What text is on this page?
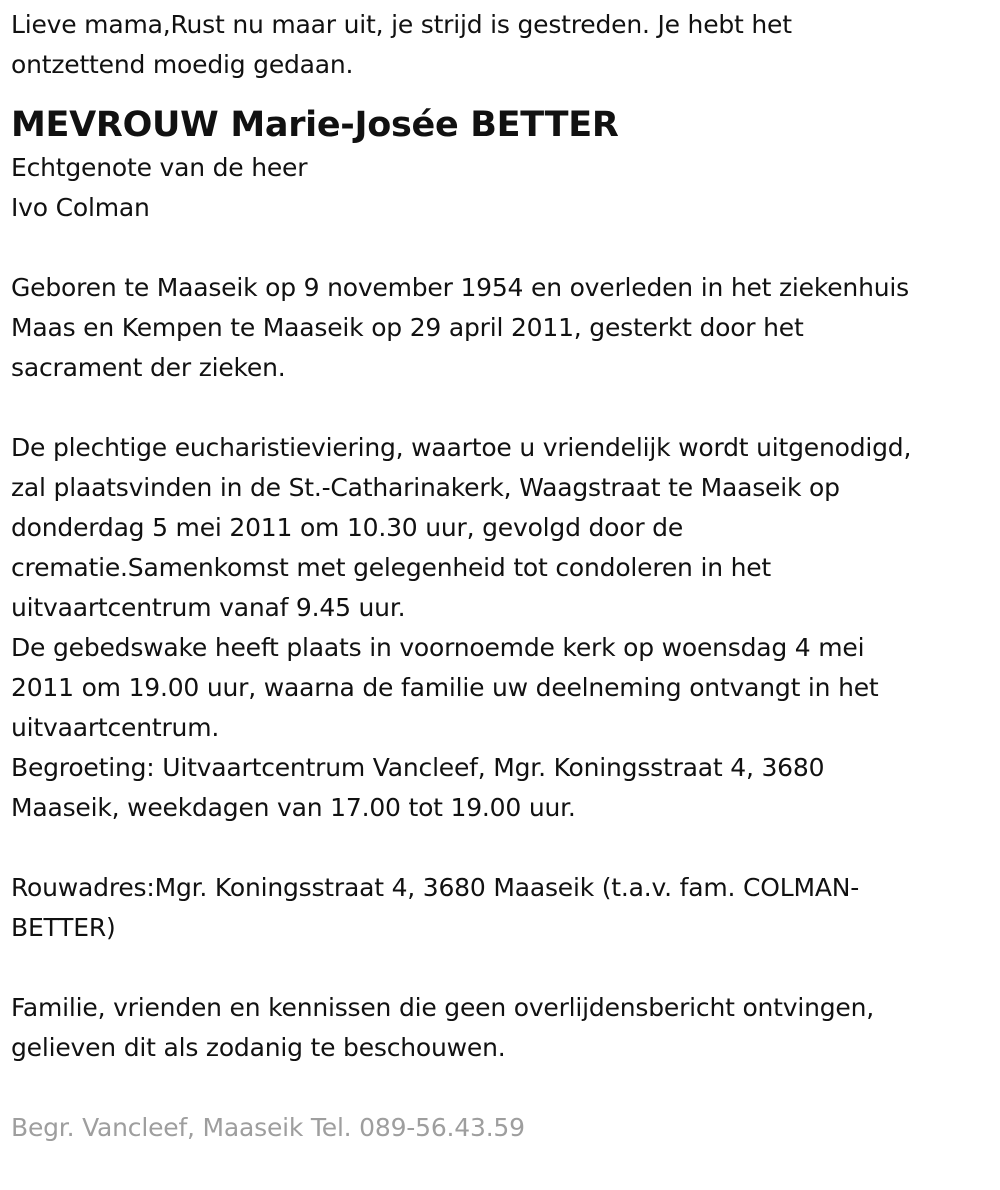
Lieve mama,Rust nu maar uit, je strijd is gestreden. Je hebt het
ontzettend moedig gedaan.
MEVROUW Marie-Josée BETTER
Echtgenote van de heer
Ivo Colman
Geboren te Maaseik op 9 november 1954 en overleden in het ziekenhuis
Maas en Kempen te Maaseik op 29 april 2011, gesterkt door het
sacrament der zieken.
De plechtige eucharistieviering, waartoe u vriendelijk wordt uitgenodigd,
zal plaatsvinden in de St.-Catharinakerk, Waagstraat te Maaseik op
donderdag 5 mei 2011 om 10.30 uur, gevolgd door de
crematie.Samenkomst met gelegenheid tot condoleren in het
uitvaartcentrum vanaf 9.45 uur.
De gebedswake heeft plaats in voornoemde kerk op woensdag 4 mei
2011 om 19.00 uur, waarna de familie uw deelneming ontvangt in het
uitvaartcentrum.
Begroeting: Uitvaartcentrum Vancleef, Mgr. Koningsstraat 4, 3680
Maaseik, weekdagen van 17.00 tot 19.00 uur.
Rouwadres:Mgr. Koningsstraat 4, 3680 Maaseik (t.a.v. fam. COLMAN-
BETTER)
Familie, vrienden en kennissen die geen overlijdensbericht ontvingen,
gelieven dit als zodanig te beschouwen.
Begr. Vancleef, Maaseik Tel. 089-56.43.59
